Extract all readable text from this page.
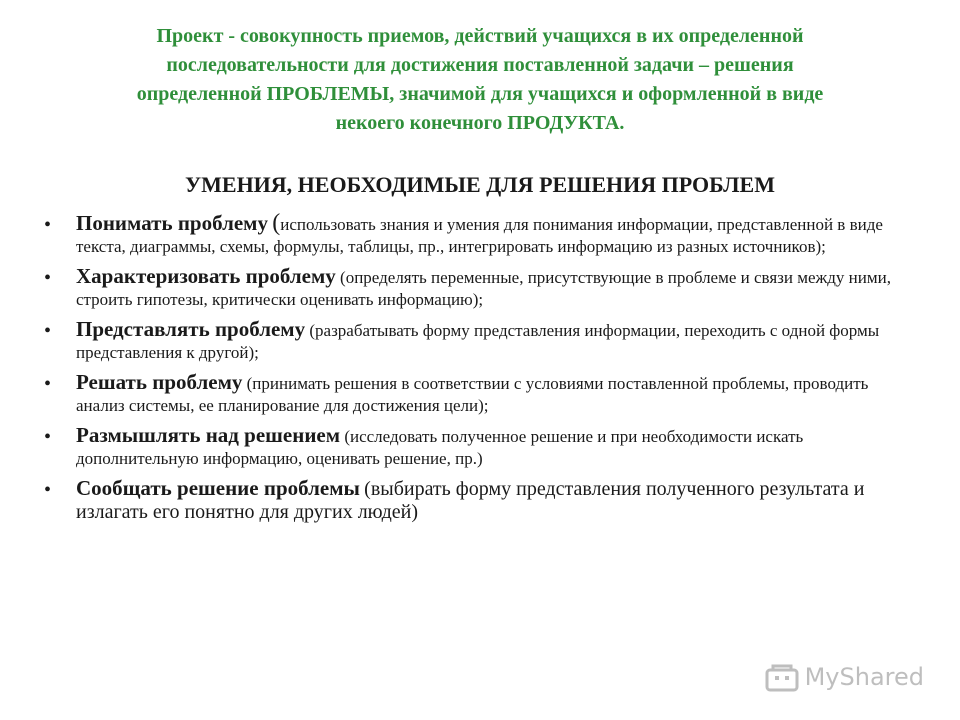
Проект - совокупность приемов, действий учащихся в их определенной
последовательности для достижения поставленной задачи – решения
определенной ПРОБЛЕМЫ, значимой для учащихся и оформленной в виде
некоего конечного ПРОДУКТА.
УМЕНИЯ, НЕОБХОДИМЫЕ ДЛЯ РЕШЕНИЯ ПРОБЛЕМ
• Понимать проблему (использовать знания и умения для понимания информации, представленной в виде текста, диаграммы, схемы, формулы, таблицы, пр., интегрировать информацию из разных источников);
• Характеризовать проблему (определять переменные, присутствующие в проблеме и связи между ними, строить гипотезы, критически оценивать информацию);
• Представлять проблему (разрабатывать форму представления информации, переходить с одной формы представления к другой);
• Решать проблему (принимать решения в соответствии с условиями поставленной проблемы, проводить анализ системы, ее планирование для достижения цели);
• Размышлять над решением (исследовать полученное решение и при необходимости искать дополнительную информацию, оценивать решение, пр.)
• Сообщать решение проблемы (выбирать форму представления полученного результата и излагать его понятно для других людей)
MyShared
